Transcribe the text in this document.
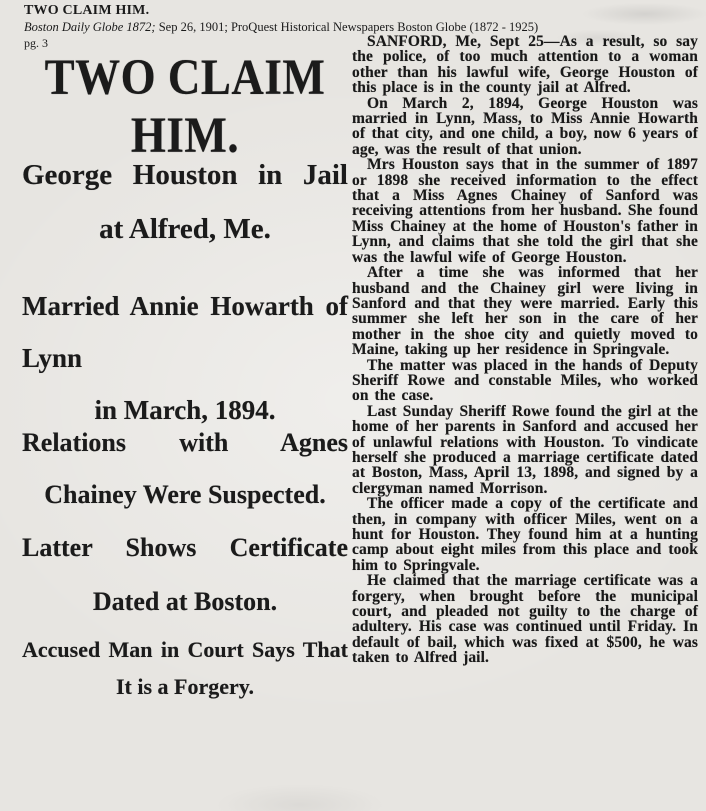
TWO CLAIM HIM.
Boston Daily Globe 1872; Sep 26, 1901; ProQuest Historical Newspapers Boston Globe (1872 - 1925)
pg. 3
TWO CLAIM HIM.
George Houston in Jail
at Alfred, Me.
Married Annie Howarth of Lynn
in March, 1894.
Relations with Agnes
Chainey Were Suspected.
Latter Shows Certificate
Dated at Boston.
Accused Man in Court Says That
It is a Forgery.

SANFORD, Me, Sept 25—As a result, so say the police, of too much attention to a woman other than his lawful wife, George Houston of this place is in the county jail at Alfred.

On March 2, 1894, George Houston was married in Lynn, Mass, to Miss Annie Howarth of that city, and one child, a boy, now 6 years of age, was the result of that union.

Mrs Houston says that in the summer of 1897 or 1898 she received information to the effect that a Miss Agnes Chainey of Sanford was receiving attentions from her husband. She found Miss Chainey at the home of Houston's father in Lynn, and claims that she told the girl that she was the lawful wife of George Houston.

After a time she was informed that her husband and the Chainey girl were living in Sanford and that they were married. Early this summer she left her son in the care of her mother in the shoe city and quietly moved to Maine, taking up her residence in Springvale.

The matter was placed in the hands of Deputy Sheriff Rowe and constable Miles, who worked on the case.

Last Sunday Sheriff Rowe found the girl at the home of her parents in Sanford and accused her of unlawful relations with Houston. To vindicate herself she produced a marriage certificate dated at Boston, Mass, April 13, 1898, and signed by a clergyman named Morrison.

The officer made a copy of the certificate and then, in company with officer Miles, went on a hunt for Houston. They found him at a hunting camp about eight miles from this place and took him to Springvale.

He claimed that the marriage certificate was a forgery, when brought before the municipal court, and pleaded not guilty to the charge of adultery. His case was continued until Friday. In default of bail, which was fixed at $500, he was taken to Alfred jail.
